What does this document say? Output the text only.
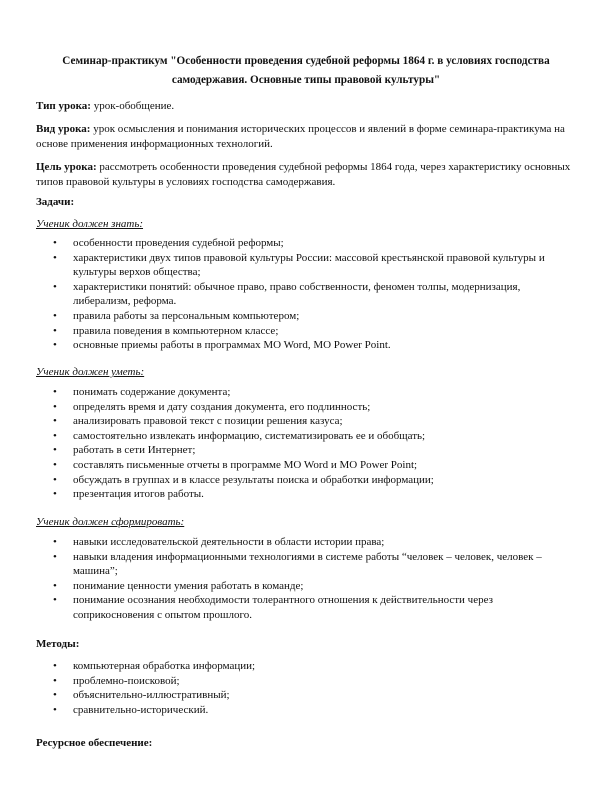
Семинар-практикум "Особенности проведения судебной реформы 1864 г. в условиях господства самодержавия. Основные типы правовой культуры"

Тип урока: урок-обобщение.

Вид урока: урок осмысления и понимания исторических процессов и явлений в форме семинара-практикума на основе применения информационных технологий.

Цель урока: рассмотреть особенности проведения судебной реформы 1864 года, через характеристику основных типов правовой культуры в условиях господства самодержавия.

Задачи:

Ученик должен знать:

• особенности проведения судебной реформы;
• характеристики двух типов правовой культуры России: массовой крестьянской правовой культуры и культуры верхов общества;
• характеристики понятий: обычное право, право собственности, феномен толпы, модернизация, либерализм, реформа.
• правила работы за персональным компьютером;
• правила поведения в компьютерном классе;
• основные приемы работы в программах MO Word, MO Power Point.

Ученик должен уметь:

• понимать содержание документа;
• определять время и дату создания документа, его подлинность;
• анализировать правовой текст с позиции решения казуса;
• самостоятельно извлекать информацию, систематизировать ее и обобщать;
• работать в сети Интернет;
• составлять письменные отчеты в программе MO Word и MO Power Point;
• обсуждать в группах и в классе результаты поиска и обработки информации;
• презентация итогов работы.

Ученик должен сформировать:

• навыки исследовательской деятельности в области истории права;
• навыки владения информационными технологиями в системе работы “человек – человек, человек – машина”;
• понимание ценности умения работать в команде;
• понимание осознания необходимости толерантного отношения к действительности через соприкосновения с опытом прошлого.

Методы:

• компьютерная обработка информации;
• проблемно-поисковой;
• объяснительно-иллюстративный;
• сравнительно-исторический.

Ресурсное обеспечение:
